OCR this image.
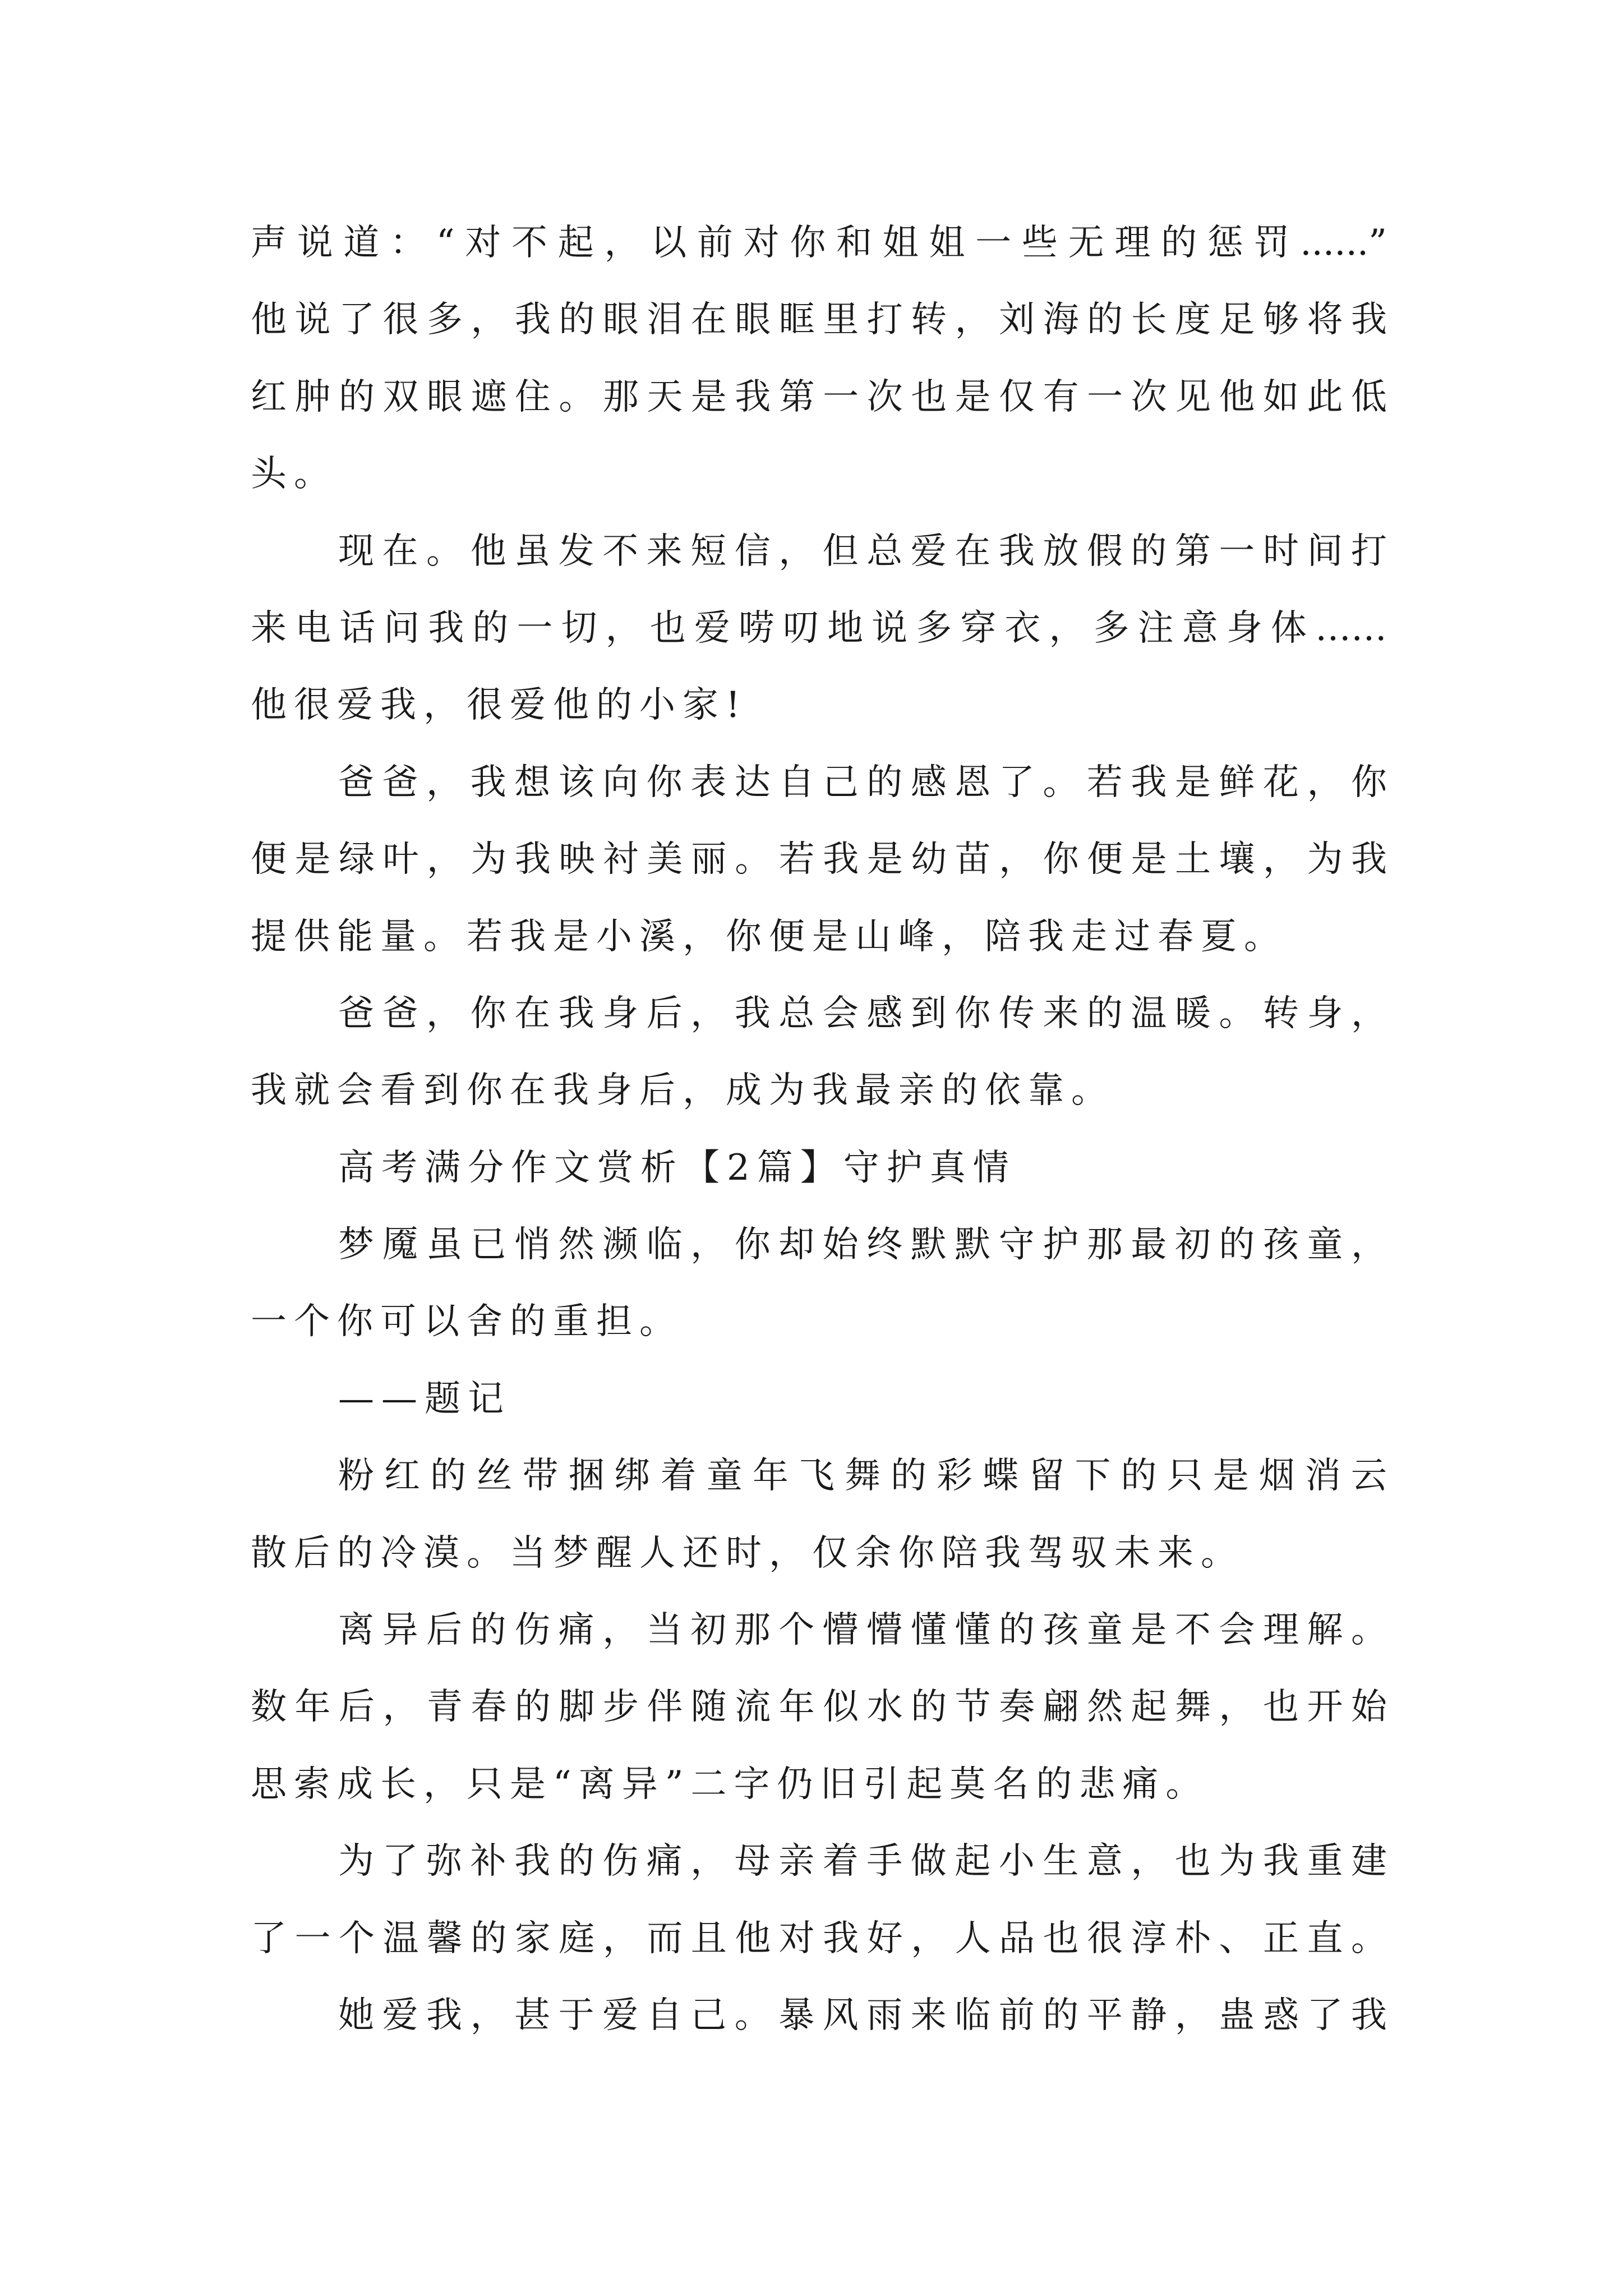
声说道：“对不起，以前对你和姐姐一些无理的惩罚......”
他说了很多，我的眼泪在眼眶里打转，刘海的长度足够将我
红肿的双眼遮住。那天是我第一次也是仅有一次见他如此低
头。
现在。他虽发不来短信，但总爱在我放假的第一时间打
来电话问我的一切，也爱唠叨地说多穿衣，多注意身体……
他很爱我，很爱他的小家!
爸爸，我想该向你表达自己的感恩了。若我是鲜花，你
便是绿叶，为我映衬美丽。若我是幼苗，你便是土壤，为我
提供能量。若我是小溪，你便是山峰，陪我走过春夏。
爸爸，你在我身后，我总会感到你传来的温暖。转身，
我就会看到你在我身后，成为我最亲的依靠。
高考满分作文赏析【2篇】守护真情
梦魇虽已悄然濒临，你却始终默默守护那最初的孩童，
一个你可以舍的重担。
——题记
粉红的丝带捆绑着童年飞舞的彩蝶留下的只是烟消云
散后的冷漠。当梦醒人还时，仅余你陪我驾驭未来。
离异后的伤痛，当初那个懵懵懂懂的孩童是不会理解。
数年后，青春的脚步伴随流年似水的节奏翩然起舞，也开始
思索成长，只是“离异”二字仍旧引起莫名的悲痛。
为了弥补我的伤痛，母亲着手做起小生意，也为我重建
了一个温馨的家庭，而且他对我好，人品也很淳朴、正直。
她爱我，甚于爱自己。暴风雨来临前的平静，蛊惑了我
